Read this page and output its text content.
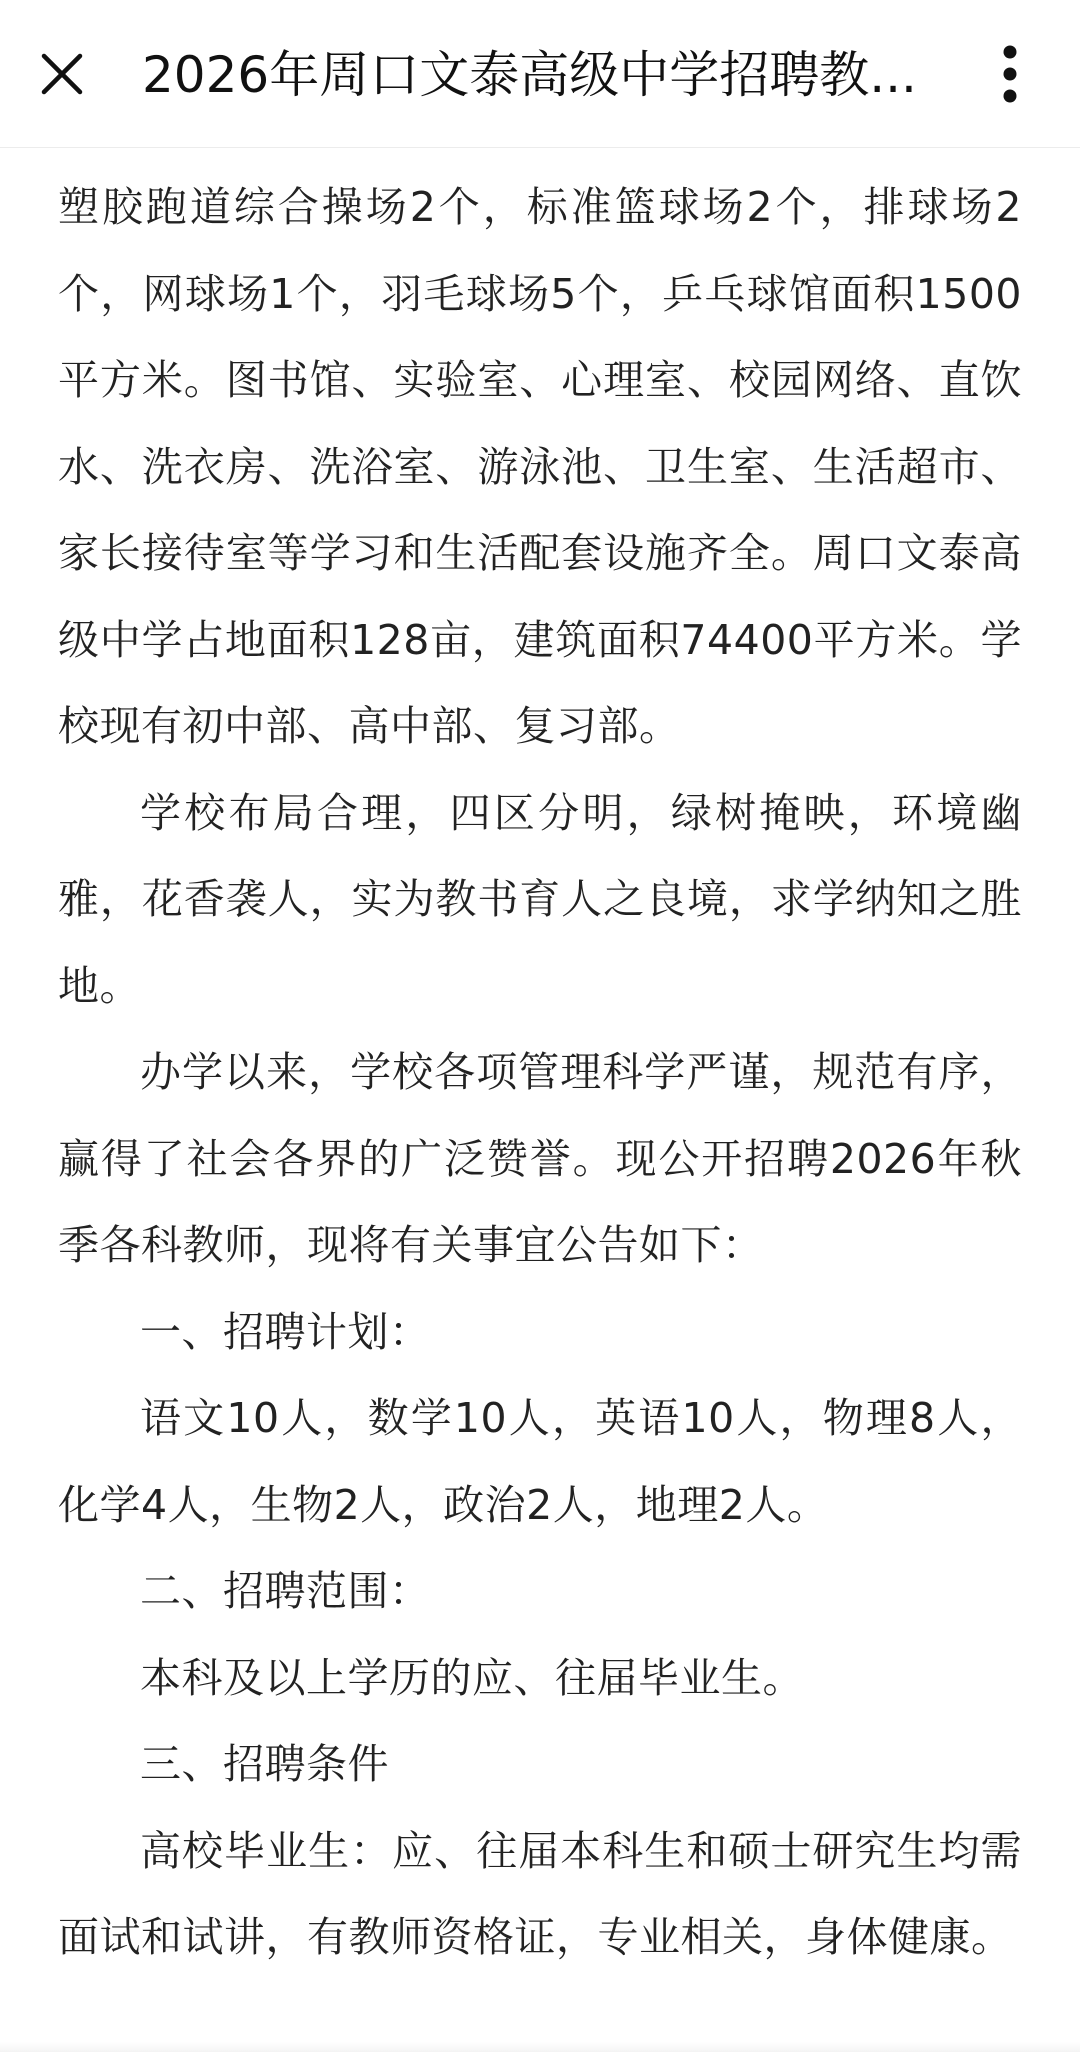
2026年周口文泰高级中学招聘教...

塑胶跑道综合操场2个，标准篮球场2个，排球场2个，网球场1个，羽毛球场5个，乒乓球馆面积1500平方米。图书馆、实验室、心理室、校园网络、直饮水、洗衣房、洗浴室、游泳池、卫生室、生活超市、家长接待室等学习和生活配套设施齐全。周口文泰高级中学占地面积128亩，建筑面积74400平方米。学校现有初中部、高中部、复习部。

学校布局合理，四区分明，绿树掩映，环境幽雅，花香袭人，实为教书育人之良境，求学纳知之胜地。

办学以来，学校各项管理科学严谨，规范有序，赢得了社会各界的广泛赞誉。现公开招聘2026年秋季各科教师，现将有关事宜公告如下：

一、招聘计划：

语文10人，数学10人，英语10人，物理8人，化学4人，生物2人，政治2人，地理2人。

二、招聘范围：

本科及以上学历的应、往届毕业生。

三、招聘条件

高校毕业生：应、往届本科生和硕士研究生均需面试和试讲，有教师资格证，专业相关，身体健康。
